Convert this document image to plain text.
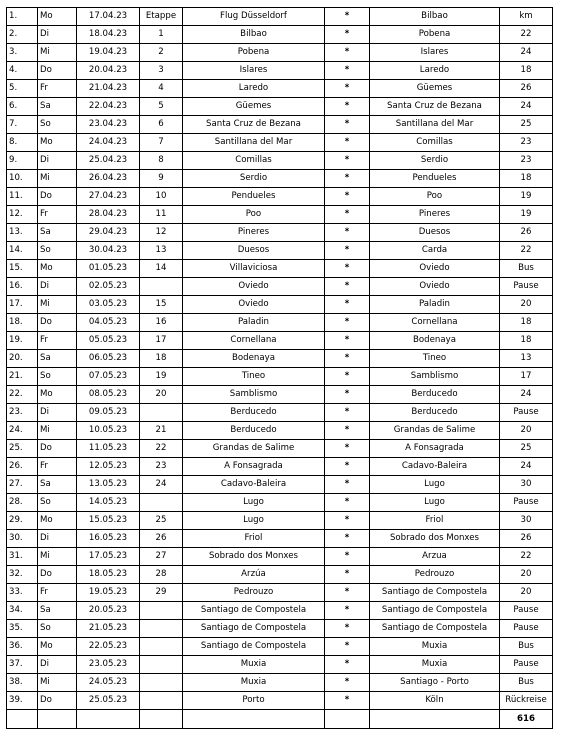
1.	Mo	17.04.23	Etappe	Flug Düsseldorf	*	Bilbao	km
2.	Di	18.04.23	1	Bilbao	*	Pobena	22
3.	Mi	19.04.23	2	Pobena	*	Islares	24
4.	Do	20.04.23	3	Islares	*	Laredo	18
5.	Fr	21.04.23	4	Laredo	*	Güemes	26
6.	Sa	22.04.23	5	Güemes	*	Santa Cruz de Bezana	24
7.	So	23.04.23	6	Santa Cruz de Bezana	*	Santillana del Mar	25
8.	Mo	24.04.23	7	Santillana del Mar	*	Comillas	23
9.	Di	25.04.23	8	Comillas	*	Serdio	23
10.	Mi	26.04.23	9	Serdio	*	Pendueles	18
11.	Do	27.04.23	10	Pendueles	*	Poo	19
12.	Fr	28.04.23	11	Poo	*	Pineres	19
13.	Sa	29.04.23	12	Pineres	*	Duesos	26
14.	So	30.04.23	13	Duesos	*	Carda	22
15.	Mo	01.05.23	14	Villaviciosa	*	Oviedo	Bus
16.	Di	02.05.23		Oviedo	*	Oviedo	Pause
17.	Mi	03.05.23	15	Oviedo	*	Paladin	20
18.	Do	04.05.23	16	Paladin	*	Cornellana	18
19.	Fr	05.05.23	17	Cornellana	*	Bodenaya	18
20.	Sa	06.05.23	18	Bodenaya	*	Tineo	13
21.	So	07.05.23	19	Tineo	*	Samblismo	17
22.	Mo	08.05.23	20	Samblismo	*	Berducedo	24
23.	Di	09.05.23		Berducedo	*	Berducedo	Pause
24.	Mi	10.05.23	21	Berducedo	*	Grandas de Salime	20
25.	Do	11.05.23	22	Grandas de Salime	*	A Fonsagrada	25
26.	Fr	12.05.23	23	A Fonsagrada	*	Cadavo-Baleira	24
27.	Sa	13.05.23	24	Cadavo-Baleira	*	Lugo	30
28.	So	14.05.23		Lugo	*	Lugo	Pause
29.	Mo	15.05.23	25	Lugo	*	Friol	30
30.	Di	16.05.23	26	Friol	*	Sobrado dos Monxes	26
31.	Mi	17.05.23	27	Sobrado dos Monxes	*	Arzua	22
32.	Do	18.05.23	28	Arzúa	*	Pedrouzo	20
33.	Fr	19.05.23	29	Pedrouzo	*	Santiago de Compostela	20
34.	Sa	20.05.23		Santiago de Compostela	*	Santiago de Compostela	Pause
35.	So	21.05.23		Santiago de Compostela	*	Santiago de Compostela	Pause
36.	Mo	22.05.23		Santiago de Compostela	*	Muxia	Bus
37.	Di	23.05.23		Muxia	*	Muxia	Pause
38.	Mi	24.05.23		Muxia	*	Santiago - Porto	Bus
39.	Do	25.05.23		Porto	*	Köln	Rückreise
							616
